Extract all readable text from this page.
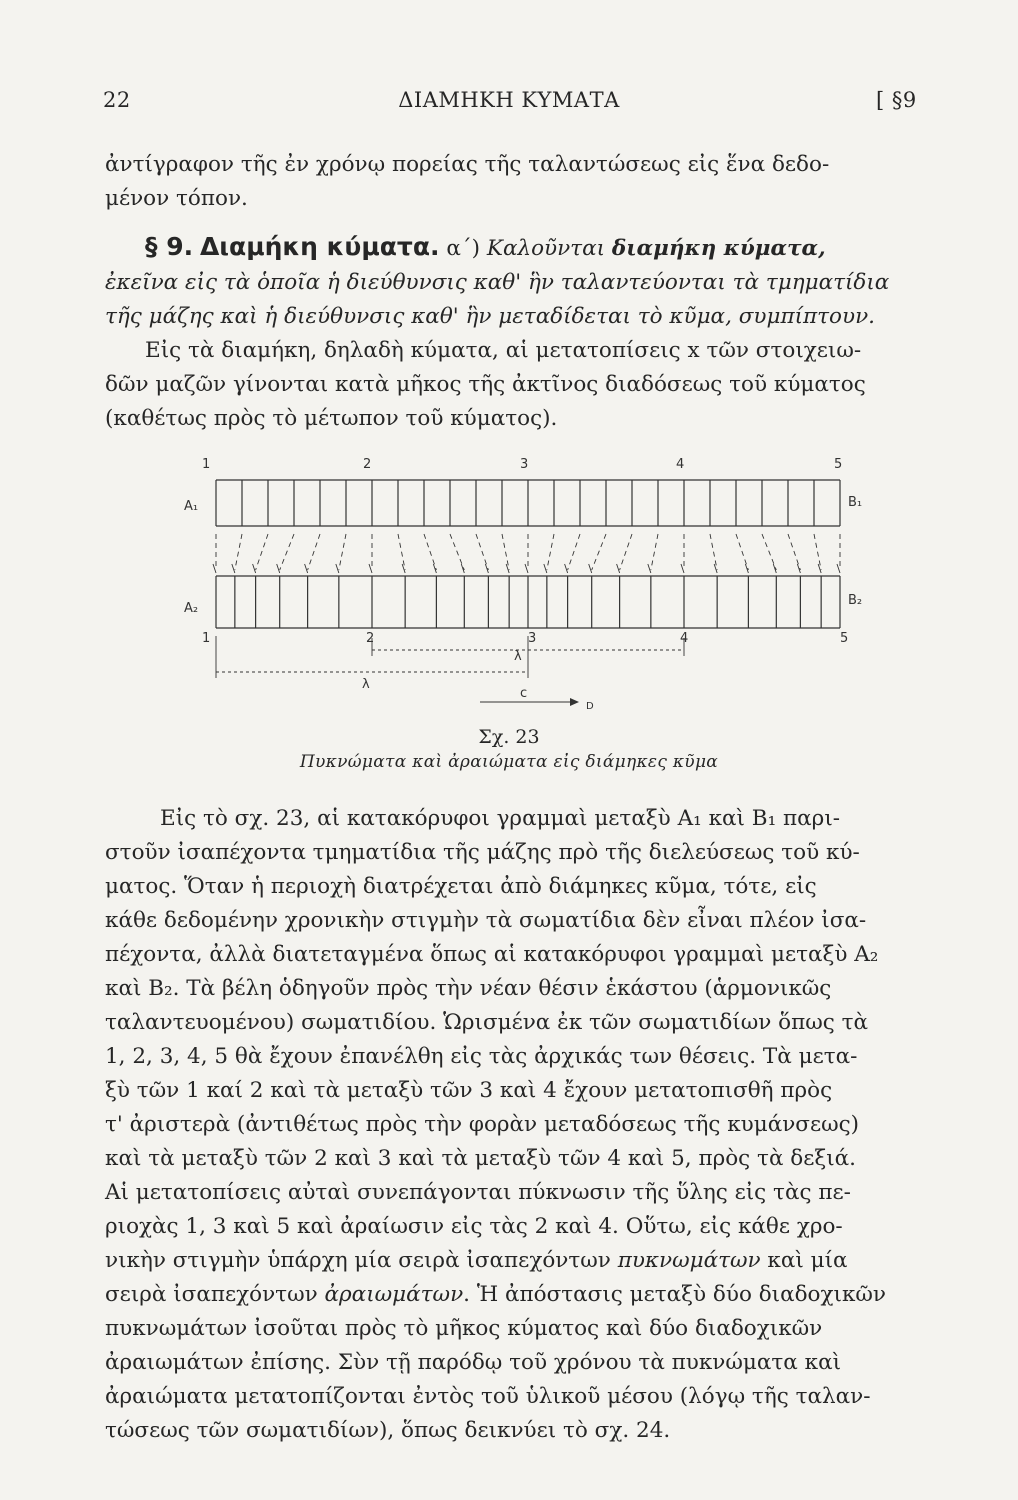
22	ΔΙΑΜΗΚΗ ΚΥΜΑΤΑ	[ §9
ἀντίγραφον τῆς ἐν χρόνῳ πορείας τῆς ταλαντώσεως εἰς ἕνα δεδο-
μένον τόπον.
§ 9. Διαμήκη κύματα. α΄) Καλοῦνται διαμήκη κύματα,
ἐκεῖνα εἰς τὰ ὁποῖα ἡ διεύθυνσις καθ' ἣν ταλαντεύονται τὰ τμηματίδια
τῆς μάζης καὶ ἡ διεύθυνσις καθ' ἣν μεταδίδεται τὸ κῦμα, συμπίπτουν.
Εἰς τὰ διαμήκη, δηλαδὴ κύματα, αἱ μετατοπίσεις x τῶν στοιχειω-
δῶν μαζῶν γίνονται κατὰ μῆκος τῆς ἀκτῖνος διαδόσεως τοῦ κύματος
(καθέτως πρὸς τὸ μέτωπον τοῦ κύματος).
1	2	3	4	5
A₁	B₁
A₂
B₂
1	2	3	4	5
λ
λ
c
D
Σχ. 23
Πυκνώματα καὶ ἀραιώματα εἰς διάμηκες κῦμα
Εἰς τὸ σχ. 23, αἱ κατακόρυφοι γραμμαὶ μεταξὺ A₁ καὶ B₁ παρι-
στοῦν ἰσαπέχοντα τμηματίδια τῆς μάζης πρὸ τῆς διελεύσεως τοῦ κύ-
ματος. Ὅταν ἡ περιοχὴ διατρέχεται ἀπὸ διάμηκες κῦμα, τότε, εἰς
κάθε δεδομένην χρονικὴν στιγμὴν τὰ σωματίδια δὲν εἶναι πλέον ἰσα-
πέχοντα, ἀλλὰ διατεταγμένα ὅπως αἱ κατακόρυφοι γραμμαὶ μεταξὺ A₂
καὶ B₂. Τὰ βέλη ὁδηγοῦν πρὸς τὴν νέαν θέσιν ἑκάστου (ἁρμονικῶς
ταλαντευομένου) σωματιδίου. Ὡρισμένα ἐκ τῶν σωματιδίων ὅπως τὰ
1, 2, 3, 4, 5 θὰ ἔχουν ἐπανέλθη εἰς τὰς ἀρχικάς των θέσεις. Τὰ μετα-
ξὺ τῶν 1 καί 2 καὶ τὰ μεταξὺ τῶν 3 καὶ 4 ἔχουν μετατοπισθῆ πρὸς
τ' ἀριστερὰ (ἀντιθέτως πρὸς τὴν φορὰν μεταδόσεως τῆς κυμάνσεως)
καὶ τὰ μεταξὺ τῶν 2 καὶ 3 καὶ τὰ μεταξὺ τῶν 4 καὶ 5, πρὸς τὰ δεξιά.
Αἱ μετατοπίσεις αὐταὶ συνεπάγονται πύκνωσιν τῆς ὕλης εἰς τὰς πε-
ριοχὰς 1, 3 καὶ 5 καὶ ἀραίωσιν εἰς τὰς 2 καὶ 4. Οὕτω, εἰς κάθε χρο-
νικὴν στιγμὴν ὑπάρχη μία σειρὰ ἰσαπεχόντων πυκνωμάτων καὶ μία
σειρὰ ἰσαπεχόντων ἀραιωμάτων. Ἡ ἀπόστασις μεταξὺ δύο διαδοχικῶν
πυκνωμάτων ἰσοῦται πρὸς τὸ μῆκος κύματος καὶ δύο διαδοχικῶν
ἀραιωμάτων ἐπίσης. Σὺν τῇ παρόδῳ τοῦ χρόνου τὰ πυκνώματα καὶ
ἀραιώματα μετατοπίζονται ἐντὸς τοῦ ὑλικοῦ μέσου (λόγῳ τῆς ταλαν-
τώσεως τῶν σωματιδίων), ὅπως δεικνύει τὸ σχ. 24.
